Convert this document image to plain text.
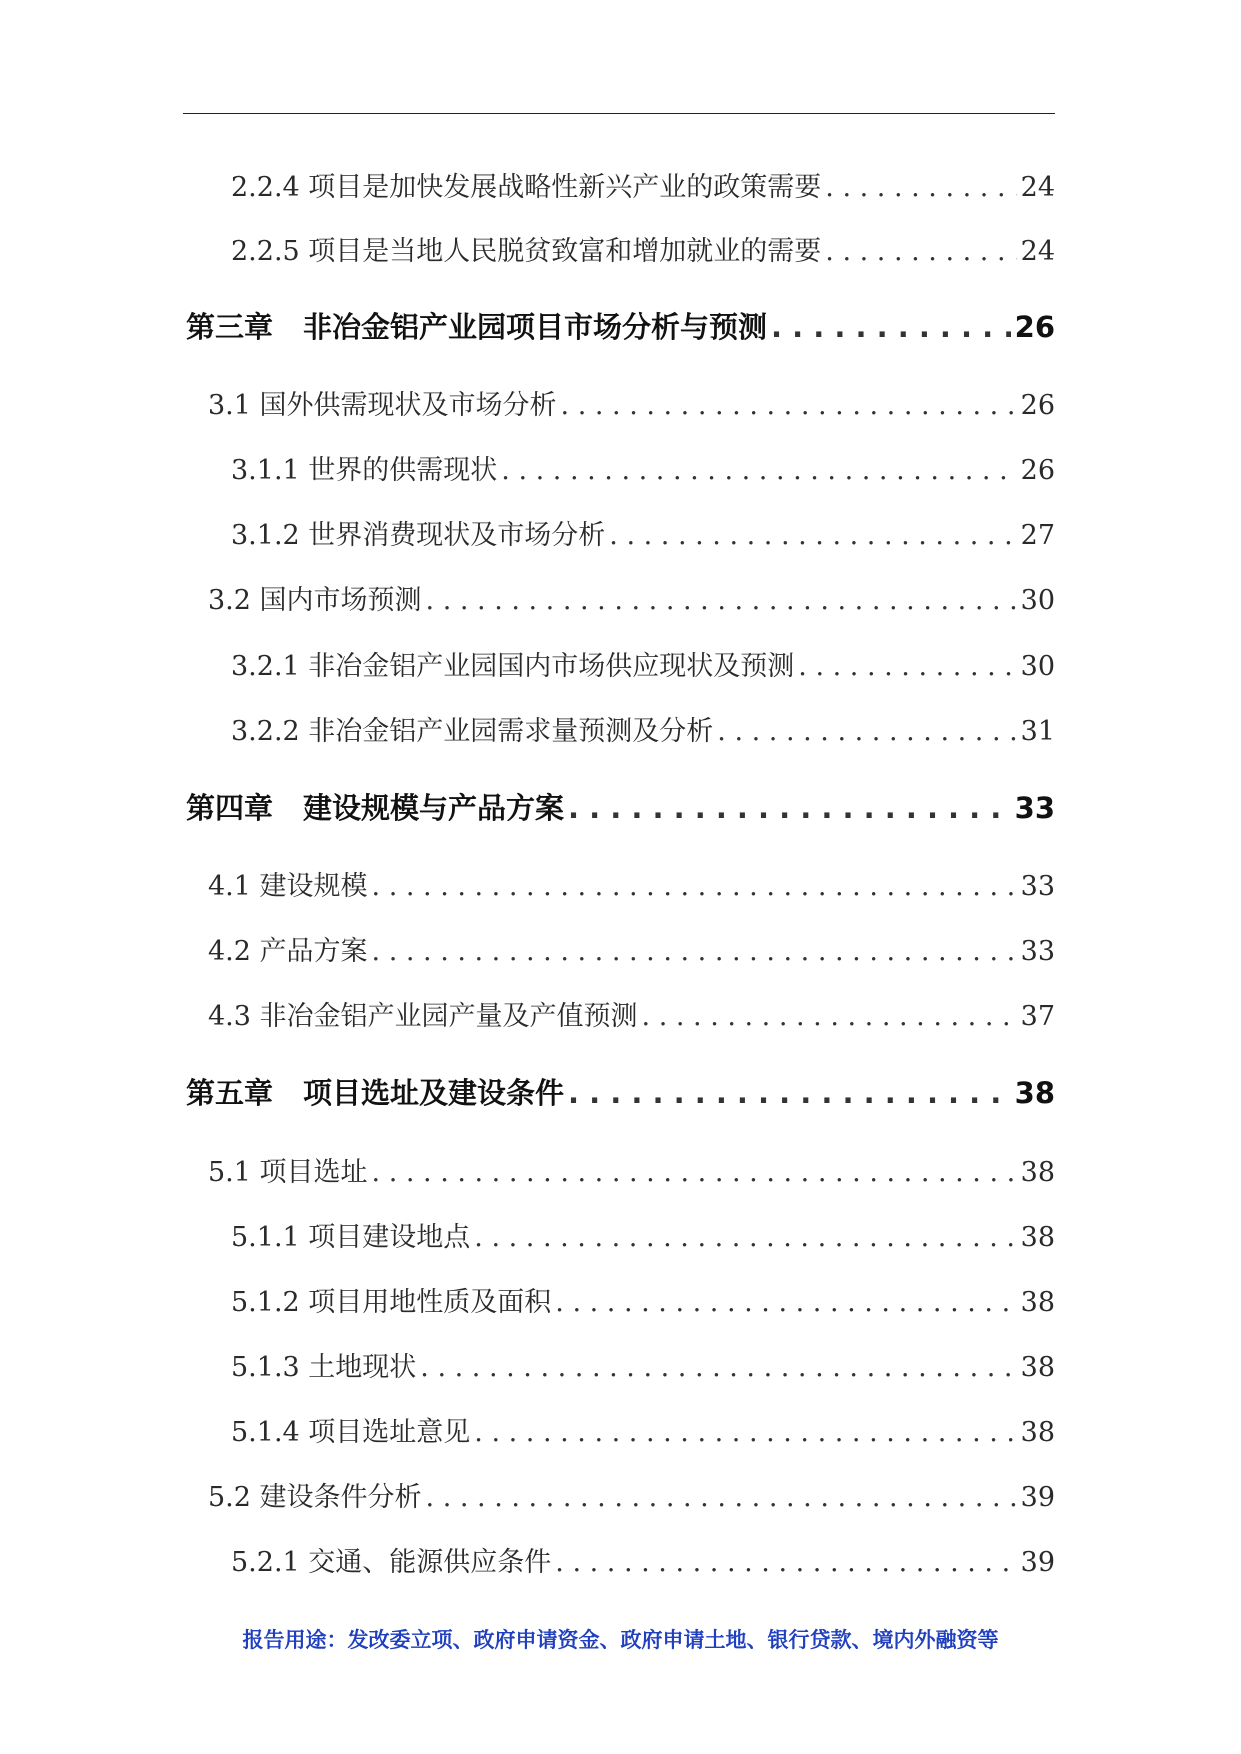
2.2.4 项目是加快发展战略性新兴产业的政策需要 . . .	24
2.2.5 项目是当地人民脱贫致富和增加就业的需要 . . .	24
第三章 非冶金铝产业园项目市场分析与预测 . . .	26
3.1 国外供需现状及市场分析 . . .	26
3.1.1 世界的供需现状 . . .	26
3.1.2 世界消费现状及市场分析 . . .	27
3.2 国内市场预测 . . .	30
3.2.1 非冶金铝产业园国内市场供应现状及预测 . . .	30
3.2.2 非冶金铝产业园需求量预测及分析 . . .	31
第四章 建设规模与产品方案 . . .	33
4.1 建设规模 . . .	33
4.2 产品方案 . . .	33
4.3 非冶金铝产业园产量及产值预测 . . .	37
第五章 项目选址及建设条件 . . .	38
5.1 项目选址 . . .	38
5.1.1 项目建设地点 . . .	38
5.1.2 项目用地性质及面积 . . .	38
5.1.3 土地现状 . . .	38
5.1.4 项目选址意见 . . .	38
5.2 建设条件分析 . . .	39
5.2.1 交通、能源供应条件 . . .	39
报告用途：发改委立项、政府申请资金、政府申请土地、银行贷款、境内外融资等
